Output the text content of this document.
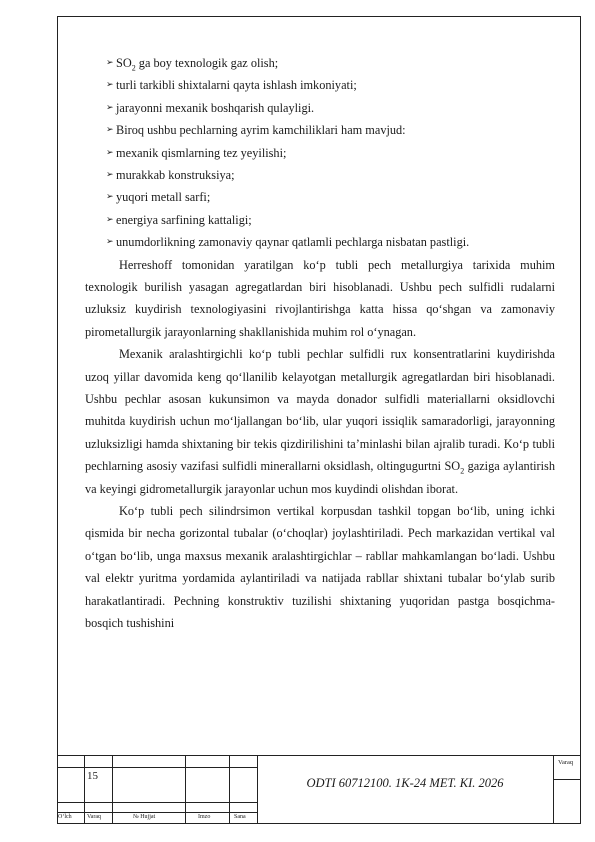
➢ $SO_2$ ga boy texnologik gaz olish;
➢ turli tarkibli shixtalarni qayta ishlash imkoniyati;
➢ jarayonni mexanik boshqarish qulayligi.
➢ Biroq ushbu pechlarning ayrim kamchiliklari ham mavjud:
➢ mexanik qismlarning tez yeyilishi;
➢ murakkab konstruksiya;
➢ yuqori metall sarfi;
➢ energiya sarfining kattaligi;
➢ unumdorlikning zamonaviy qaynar qatlamli pechlarga nisbatan pastligi.

Herreshoff tomonidan yaratilgan ko‘p tubli pech metallurgiya tarixida muhim texnologik burilish yasagan agregatlardan biri hisoblanadi. Ushbu pech sulfidli rudalarni uzluksiz kuydirish texnologiyasini rivojlantirishga katta hissa qo‘shgan va zamonaviy pirometallurgik jarayonlarning shakllanishida muhim rol o‘ynagan.

Mexanik aralashtirgichli ko‘p tubli pechlar sulfidli rux konsentratlarini kuydirishda uzoq yillar davomida keng qo‘llanilib kelayotgan metallurgik agregatlardan biri hisoblanadi. Ushbu pechlar asosan kukunsimon va mayda donador sulfidli materiallarni oksidlovchi muhitda kuydirish uchun mo‘ljallangan bo‘lib, ular yuqori issiqlik samaradorligi, jarayonning uzluksizligi hamda shixtaning bir tekis qizdirilishini ta’minlashi bilan ajralib turadi. Ko‘p tubli pechlarning asosiy vazifasi sulfidli minerallarni oksidlash, oltingugurtni $SO_2$ gaziga aylantirish va keyingi gidrometallurgik jarayonlar uchun mos kuydindi olishdan iborat.

Ko‘p tubli pech silindrsimon vertikal korpusdan tashkil topgan bo‘lib, uning ichki qismida bir necha gorizontal tubalar (o‘choqlar) joylashtiriladi. Pech markazidan vertikal val o‘tgan bo‘lib, unga maxsus mexanik aralashtirgichlar – rabllar mahkamlangan bo‘ladi. Ushbu val elektr yuritma yordamida aylantiriladi va natijada rabllar shixtani tubalar bo‘ylab surib harakatlantiradi. Pechning konstruktiv tuzilishi shixtaning yuqoridan pastga bosqichma-bosqich tushishini

15
O‘lch	Varaq	№ Hujjat	Imzo	Sana
ODTI 60712100. 1K-24 MET. KI. 2026
Varaq
